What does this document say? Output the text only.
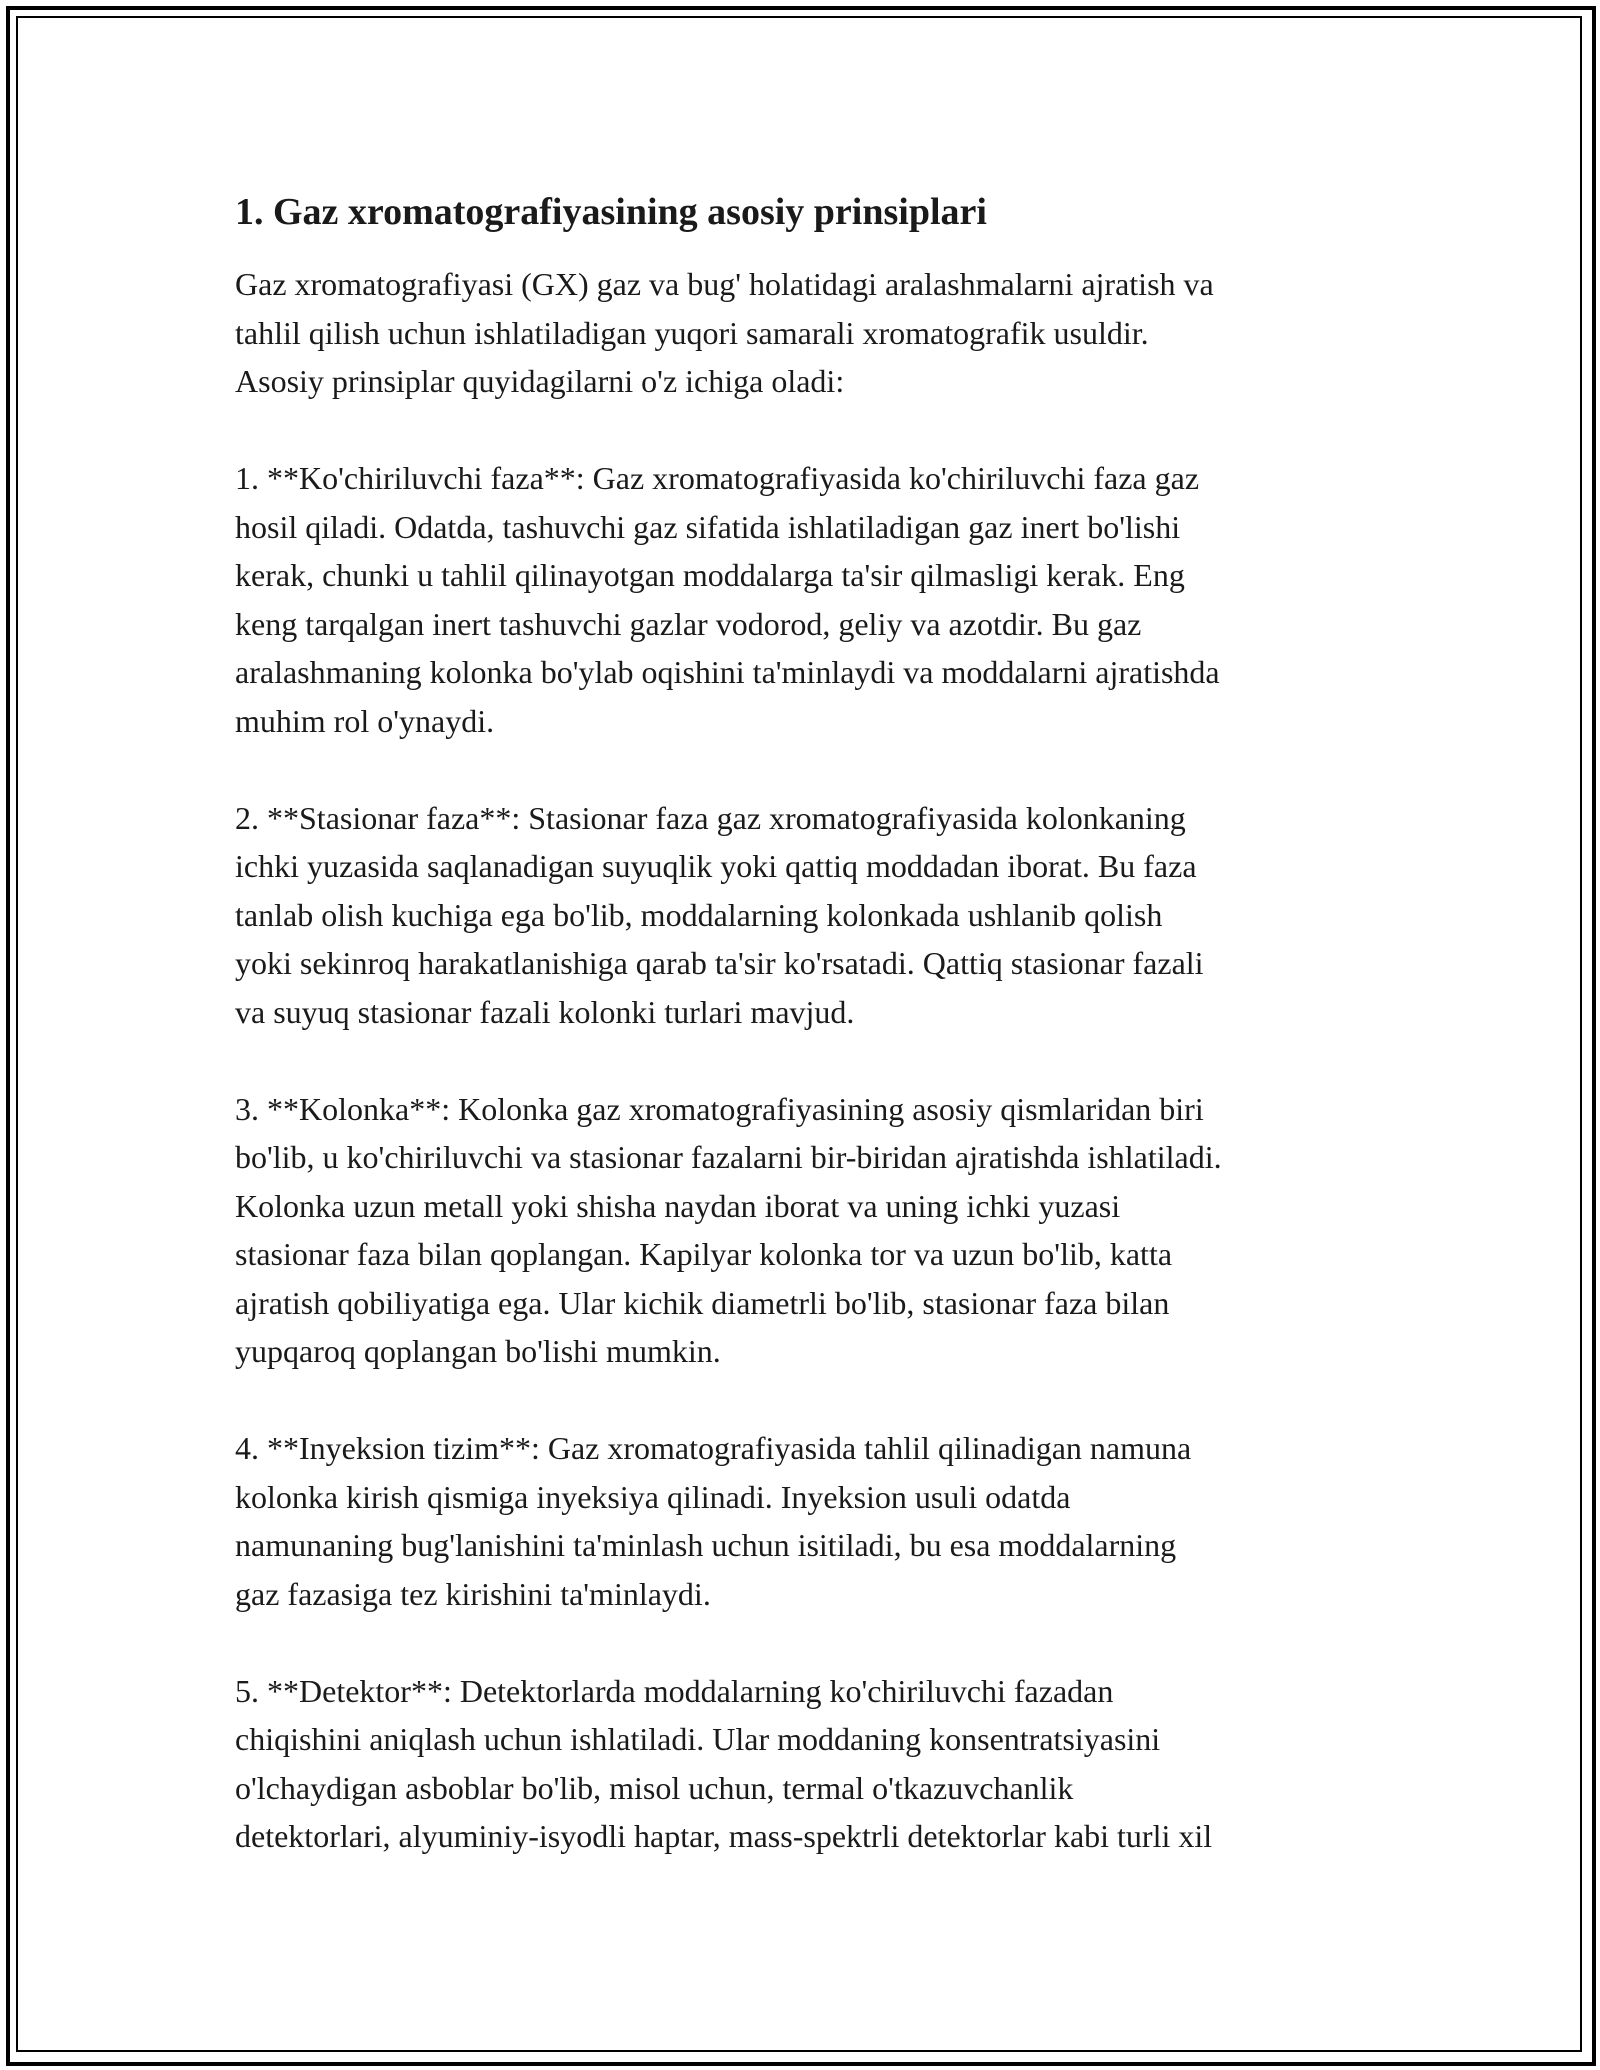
1. Gaz xromatografiyasining asosiy prinsiplari
Gaz xromatografiyasi (GX) gaz va bug' holatidagi aralashmalarni ajratish va
tahlil qilish uchun ishlatiladigan yuqori samarali xromatografik usuldir.
Asosiy prinsiplar quyidagilarni o'z ichiga oladi:
1. **Ko'chiriluvchi faza**: Gaz xromatografiyasida ko'chiriluvchi faza gaz
hosil qiladi. Odatda, tashuvchi gaz sifatida ishlatiladigan gaz inert bo'lishi
kerak, chunki u tahlil qilinayotgan moddalarga ta'sir qilmasligi kerak. Eng
keng tarqalgan inert tashuvchi gazlar vodorod, geliy va azotdir. Bu gaz
aralashmaning kolonka bo'ylab oqishini ta'minlaydi va moddalarni ajratishda
muhim rol o'ynaydi.
2. **Stasionar faza**: Stasionar faza gaz xromatografiyasida kolonkaning
ichki yuzasida saqlanadigan suyuqlik yoki qattiq moddadan iborat. Bu faza
tanlab olish kuchiga ega bo'lib, moddalarning kolonkada ushlanib qolish
yoki sekinroq harakatlanishiga qarab ta'sir ko'rsatadi. Qattiq stasionar fazali
va suyuq stasionar fazali kolonki turlari mavjud.
3. **Kolonka**: Kolonka gaz xromatografiyasining asosiy qismlaridan biri
bo'lib, u ko'chiriluvchi va stasionar fazalarni bir-biridan ajratishda ishlatiladi.
Kolonka uzun metall yoki shisha naydan iborat va uning ichki yuzasi
stasionar faza bilan qoplangan. Kapilyar kolonka tor va uzun bo'lib, katta
ajratish qobiliyatiga ega. Ular kichik diametrli bo'lib, stasionar faza bilan
yupqaroq qoplangan bo'lishi mumkin.
4. **Inyeksion tizim**: Gaz xromatografiyasida tahlil qilinadigan namuna
kolonka kirish qismiga inyeksiya qilinadi. Inyeksion usuli odatda
namunaning bug'lanishini ta'minlash uchun isitiladi, bu esa moddalarning
gaz fazasiga tez kirishini ta'minlaydi.
5. **Detektor**: Detektorlarda moddalarning ko'chiriluvchi fazadan
chiqishini aniqlash uchun ishlatiladi. Ular moddaning konsentratsiyasini
o'lchaydigan asboblar bo'lib, misol uchun, termal o'tkazuvchanlik
detektorlari, alyuminiy-isyodli haptar, mass-spektrli detektorlar kabi turli xil
